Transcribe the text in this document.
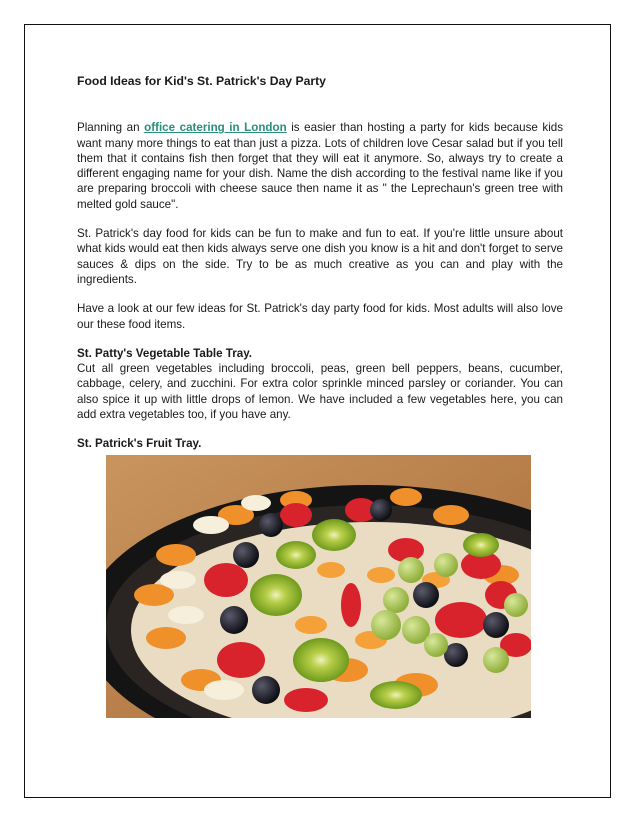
Food Ideas for Kid's St. Patrick's Day Party

Planning an office catering in London is easier than hosting a party for kids because kids want many more things to eat than just a pizza. Lots of children love Cesar salad but if you tell them that it contains fish then forget that they will eat it anymore. So, always try to create a different engaging name for your dish. Name the dish according to the festival name like if you are preparing broccoli with cheese sauce then name it as " the Leprechaun's green tree with melted gold sauce".

St. Patrick's day food for kids can be fun to make and fun to eat. If you're little unsure about what kids would eat then kids always serve one dish you know is a hit and don't forget to serve sauces & dips on the side. Try to be as much creative as you can and play with the ingredients.

Have a look at our few ideas for St. Patrick's day party food for kids. Most adults will also love our these food items.

St. Patty's Vegetable Table Tray.
Cut all green vegetables including broccoli, peas, green bell peppers, beans, cucumber, cabbage, celery, and zucchini. For extra color sprinkle minced parsley or coriander. You can also spice it up with little drops of lemon. We have included a few vegetables here, you can add extra vegetables too, if you have any.

St. Patrick's Fruit Tray.
